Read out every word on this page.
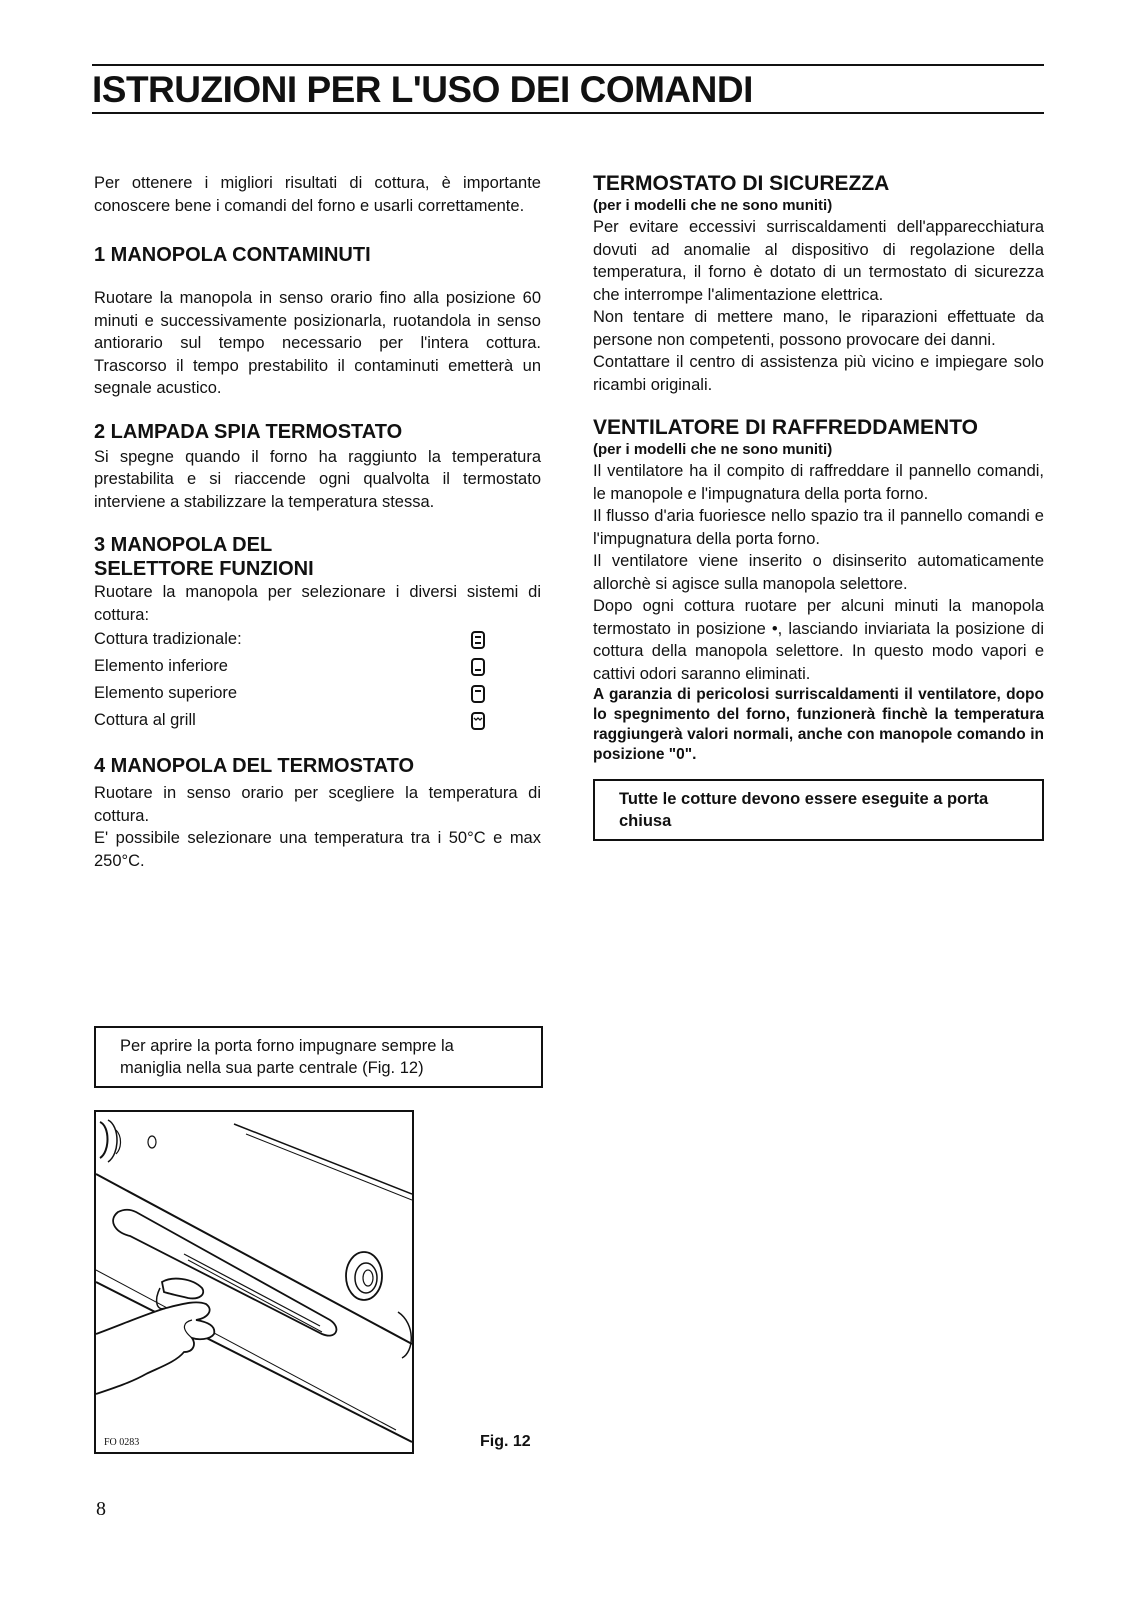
ISTRUZIONI PER L'USO DEI COMANDI

Per ottenere i migliori risultati di cottura, è importante conoscere bene i comandi del forno e usarli correttamente.

1 MANOPOLA CONTAMINUTI

Ruotare la manopola in senso orario fino alla posizione 60 minuti e successivamente posizionarla, ruotandola in senso antiorario sul tempo necessario per l'intera cottura. Trascorso il tempo prestabilito il contaminuti emetterà un segnale acustico.

2 LAMPADA SPIA TERMOSTATO

Si spegne quando il forno ha raggiunto la temperatura prestabilita e si riaccende ogni qualvolta il termostato interviene a stabilizzare la temperatura stessa.

3 MANOPOLA DEL
SELETTORE FUNZIONI

Ruotare la manopola per selezionare i diversi sistemi di cottura:

Cottura tradizionale:
Elemento inferiore
Elemento superiore
Cottura al grill
4 MANOPOLA DEL TERMOSTATO

Ruotare in senso orario per scegliere la temperatura di cottura.

E' possibile selezionare una temperatura tra i 50°C e max 250°C.

TERMOSTATO DI SICUREZZA
(per i modelli che ne sono muniti)

Per evitare eccessivi surriscaldamenti dell'apparecchiatura dovuti ad anomalie al dispositivo di regolazione della temperatura, il forno è dotato di un termostato di sicurezza che interrompe l'alimentazione elettrica.

Non tentare di mettere mano, le riparazioni effettuate da persone non competenti, possono provocare dei danni.

Contattare il centro di assistenza più vicino e impiegare solo ricambi originali.

VENTILATORE DI RAFFREDDAMENTO
(per i modelli che ne sono muniti)

Il ventilatore ha il compito di raffreddare il pannello comandi, le manopole e l'impugnatura della porta forno.

Il flusso d'aria fuoriesce nello spazio tra il pannello comandi e l'impugnatura della porta forno.

Il ventilatore viene inserito o disinserito automaticamente allorchè si agisce sulla manopola selettore.

Dopo ogni cottura ruotare per alcuni minuti la manopola termostato in posizione •, lasciando inviariata la posizione di cottura della manopola selettore. In questo modo vapori e cattivi odori saranno eliminati.

A garanzia di pericolosi surriscaldamenti il ventilatore, dopo lo spegnimento del forno, funzionerà finchè la temperatura raggiungerà valori normali, anche con manopole comando in posizione "0".

Tutte le cotture devono essere eseguite a porta chiusa
Per aprire la porta forno impugnare sempre la maniglia nella sua parte centrale (Fig. 12)
FO 0283	Fig. 12
8
